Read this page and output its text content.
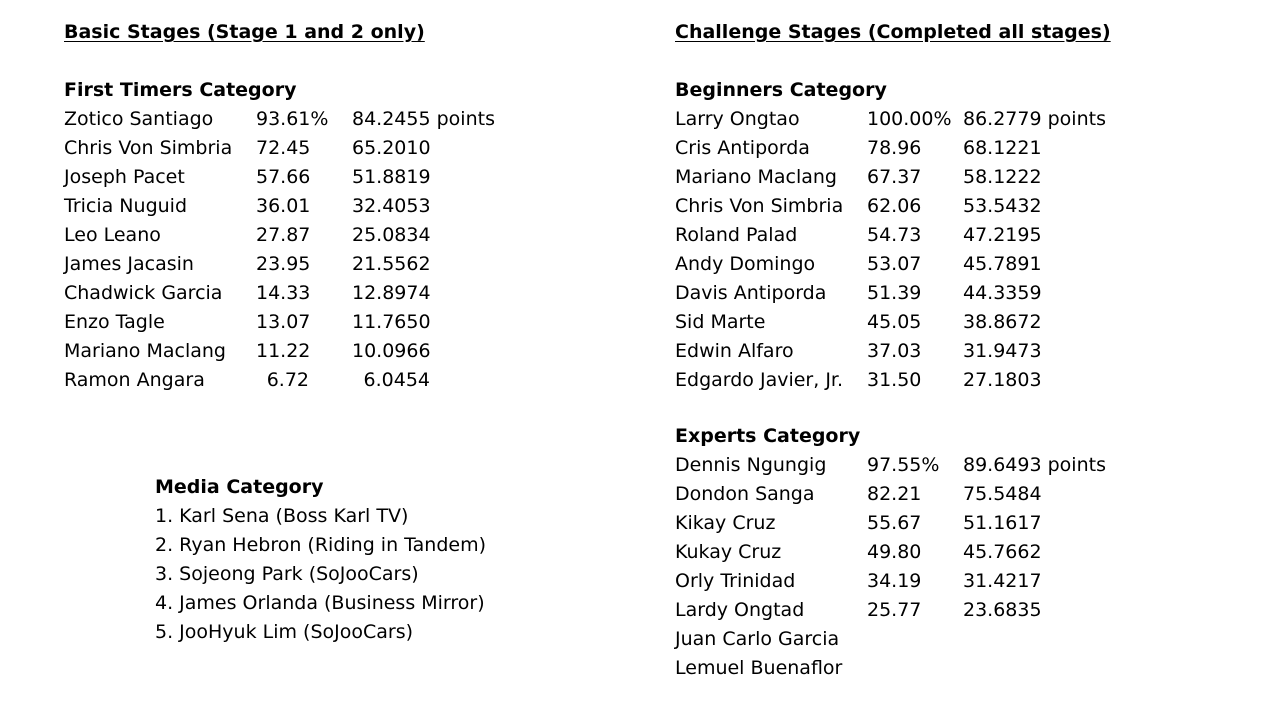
Basic Stages (Stage 1 and 2 only)
First Timers Category
Zotico Santiago 93.61% 84.2455 points
Chris Von Simbria 72.45 65.2010
Joseph Pacet	57.66 51.8819
Tricia Nuguid	36.01 32.4053
Leo Leano	27.87 25.0834
James Jacasin	23.95 21.5562
Chadwick Garcia 14.33 12.8974
Enzo Tagle	13.07 11.7650
Mariano Maclang 11.22 10.0966
Ramon Angara	6.72	6.0454
Media Category
1. Karl Sena (Boss Karl TV)
2. Ryan Hebron (Riding in Tandem)
3. Sojeong Park (SoJooCars)
4. James Orlanda (Business Mirror)
5. JooHyuk Lim (SoJooCars)
Challenge Stages (Completed all stages)
Beginners Category
Larry Ongtao	100.00% 86.2779 points
Cris Antiporda	78.96 68.1221
Mariano Maclang 67.37 58.1222
Chris Von Simbria 62.06 53.5432
Roland Palad	54.73 47.2195
Andy Domingo	53.07 45.7891
Davis Antiporda 51.39 44.3359
Sid Marte	45.05 38.8672
Edwin Alfaro	37.03 31.9473
Edgardo Javier, Jr. 31.50 27.1803
Experts Category
Dennis Ngungig 97.55% 89.6493 points
Dondon Sanga	82.21 75.5484
Kikay Cruz	55.67 51.1617
Kukay Cruz	49.80 45.7662
Orly Trinidad	34.19 31.4217
Lardy Ongtad	25.77 23.6835
Juan Carlo Garcia
Lemuel Buenaflor
